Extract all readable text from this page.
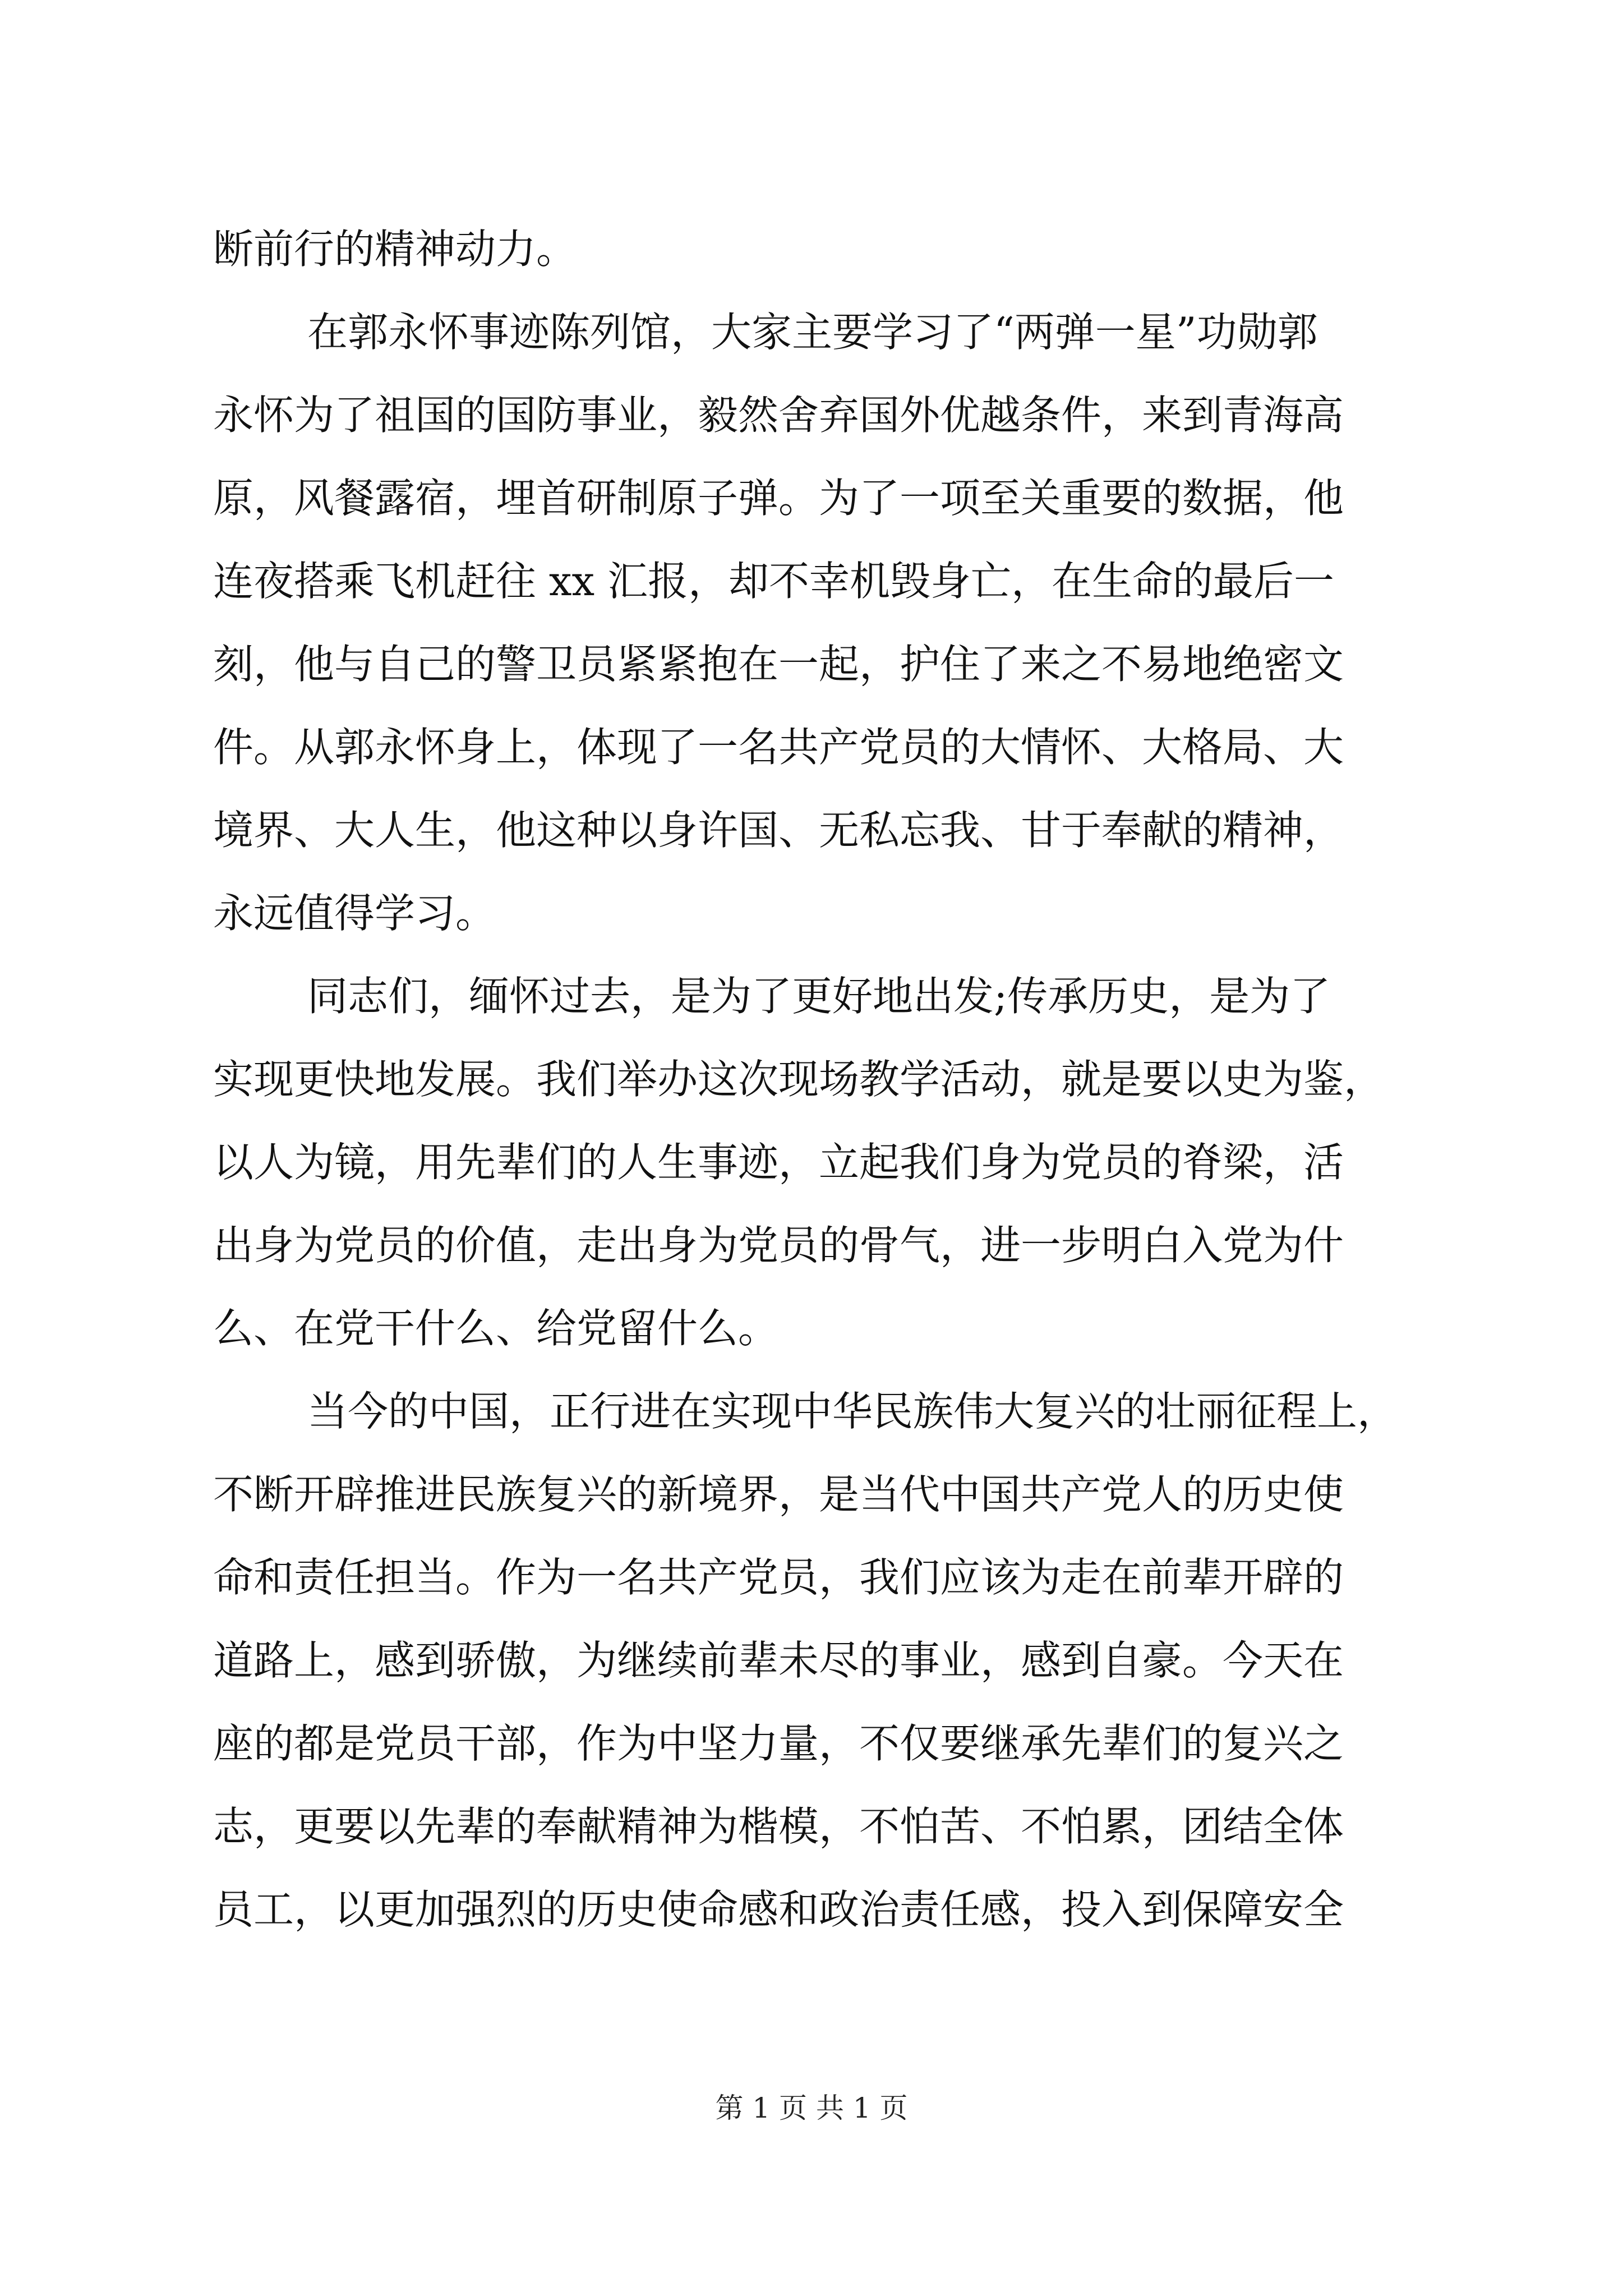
断前行的精神动力。
在郭永怀事迹陈列馆，大家主要学习了“两弹一星”功勋郭
永怀为了祖国的国防事业，毅然舍弃国外优越条件，来到青海高
原，风餐露宿，埋首研制原子弹。为了一项至关重要的数据，他
连夜搭乘飞机赶往 xx 汇报，却不幸机毁身亡，在生命的最后一
刻，他与自己的警卫员紧紧抱在一起，护住了来之不易地绝密文
件。从郭永怀身上，体现了一名共产党员的大情怀、大格局、大
境界、大人生，他这种以身许国、无私忘我、甘于奉献的精神，
永远值得学习。
同志们，缅怀过去，是为了更好地出发;传承历史，是为了
实现更快地发展。我们举办这次现场教学活动，就是要以史为鉴，
以人为镜，用先辈们的人生事迹，立起我们身为党员的脊梁，活
出身为党员的价值，走出身为党员的骨气，进一步明白入党为什
么、在党干什么、给党留什么。
当今的中国，正行进在实现中华民族伟大复兴的壮丽征程上，
不断开辟推进民族复兴的新境界，是当代中国共产党人的历史使
命和责任担当。作为一名共产党员，我们应该为走在前辈开辟的
道路上，感到骄傲，为继续前辈未尽的事业，感到自豪。今天在
座的都是党员干部，作为中坚力量，不仅要继承先辈们的复兴之
志，更要以先辈的奉献精神为楷模，不怕苦、不怕累，团结全体
员工，以更加强烈的历史使命感和政治责任感，投入到保障安全
第 1 页 共 1 页
